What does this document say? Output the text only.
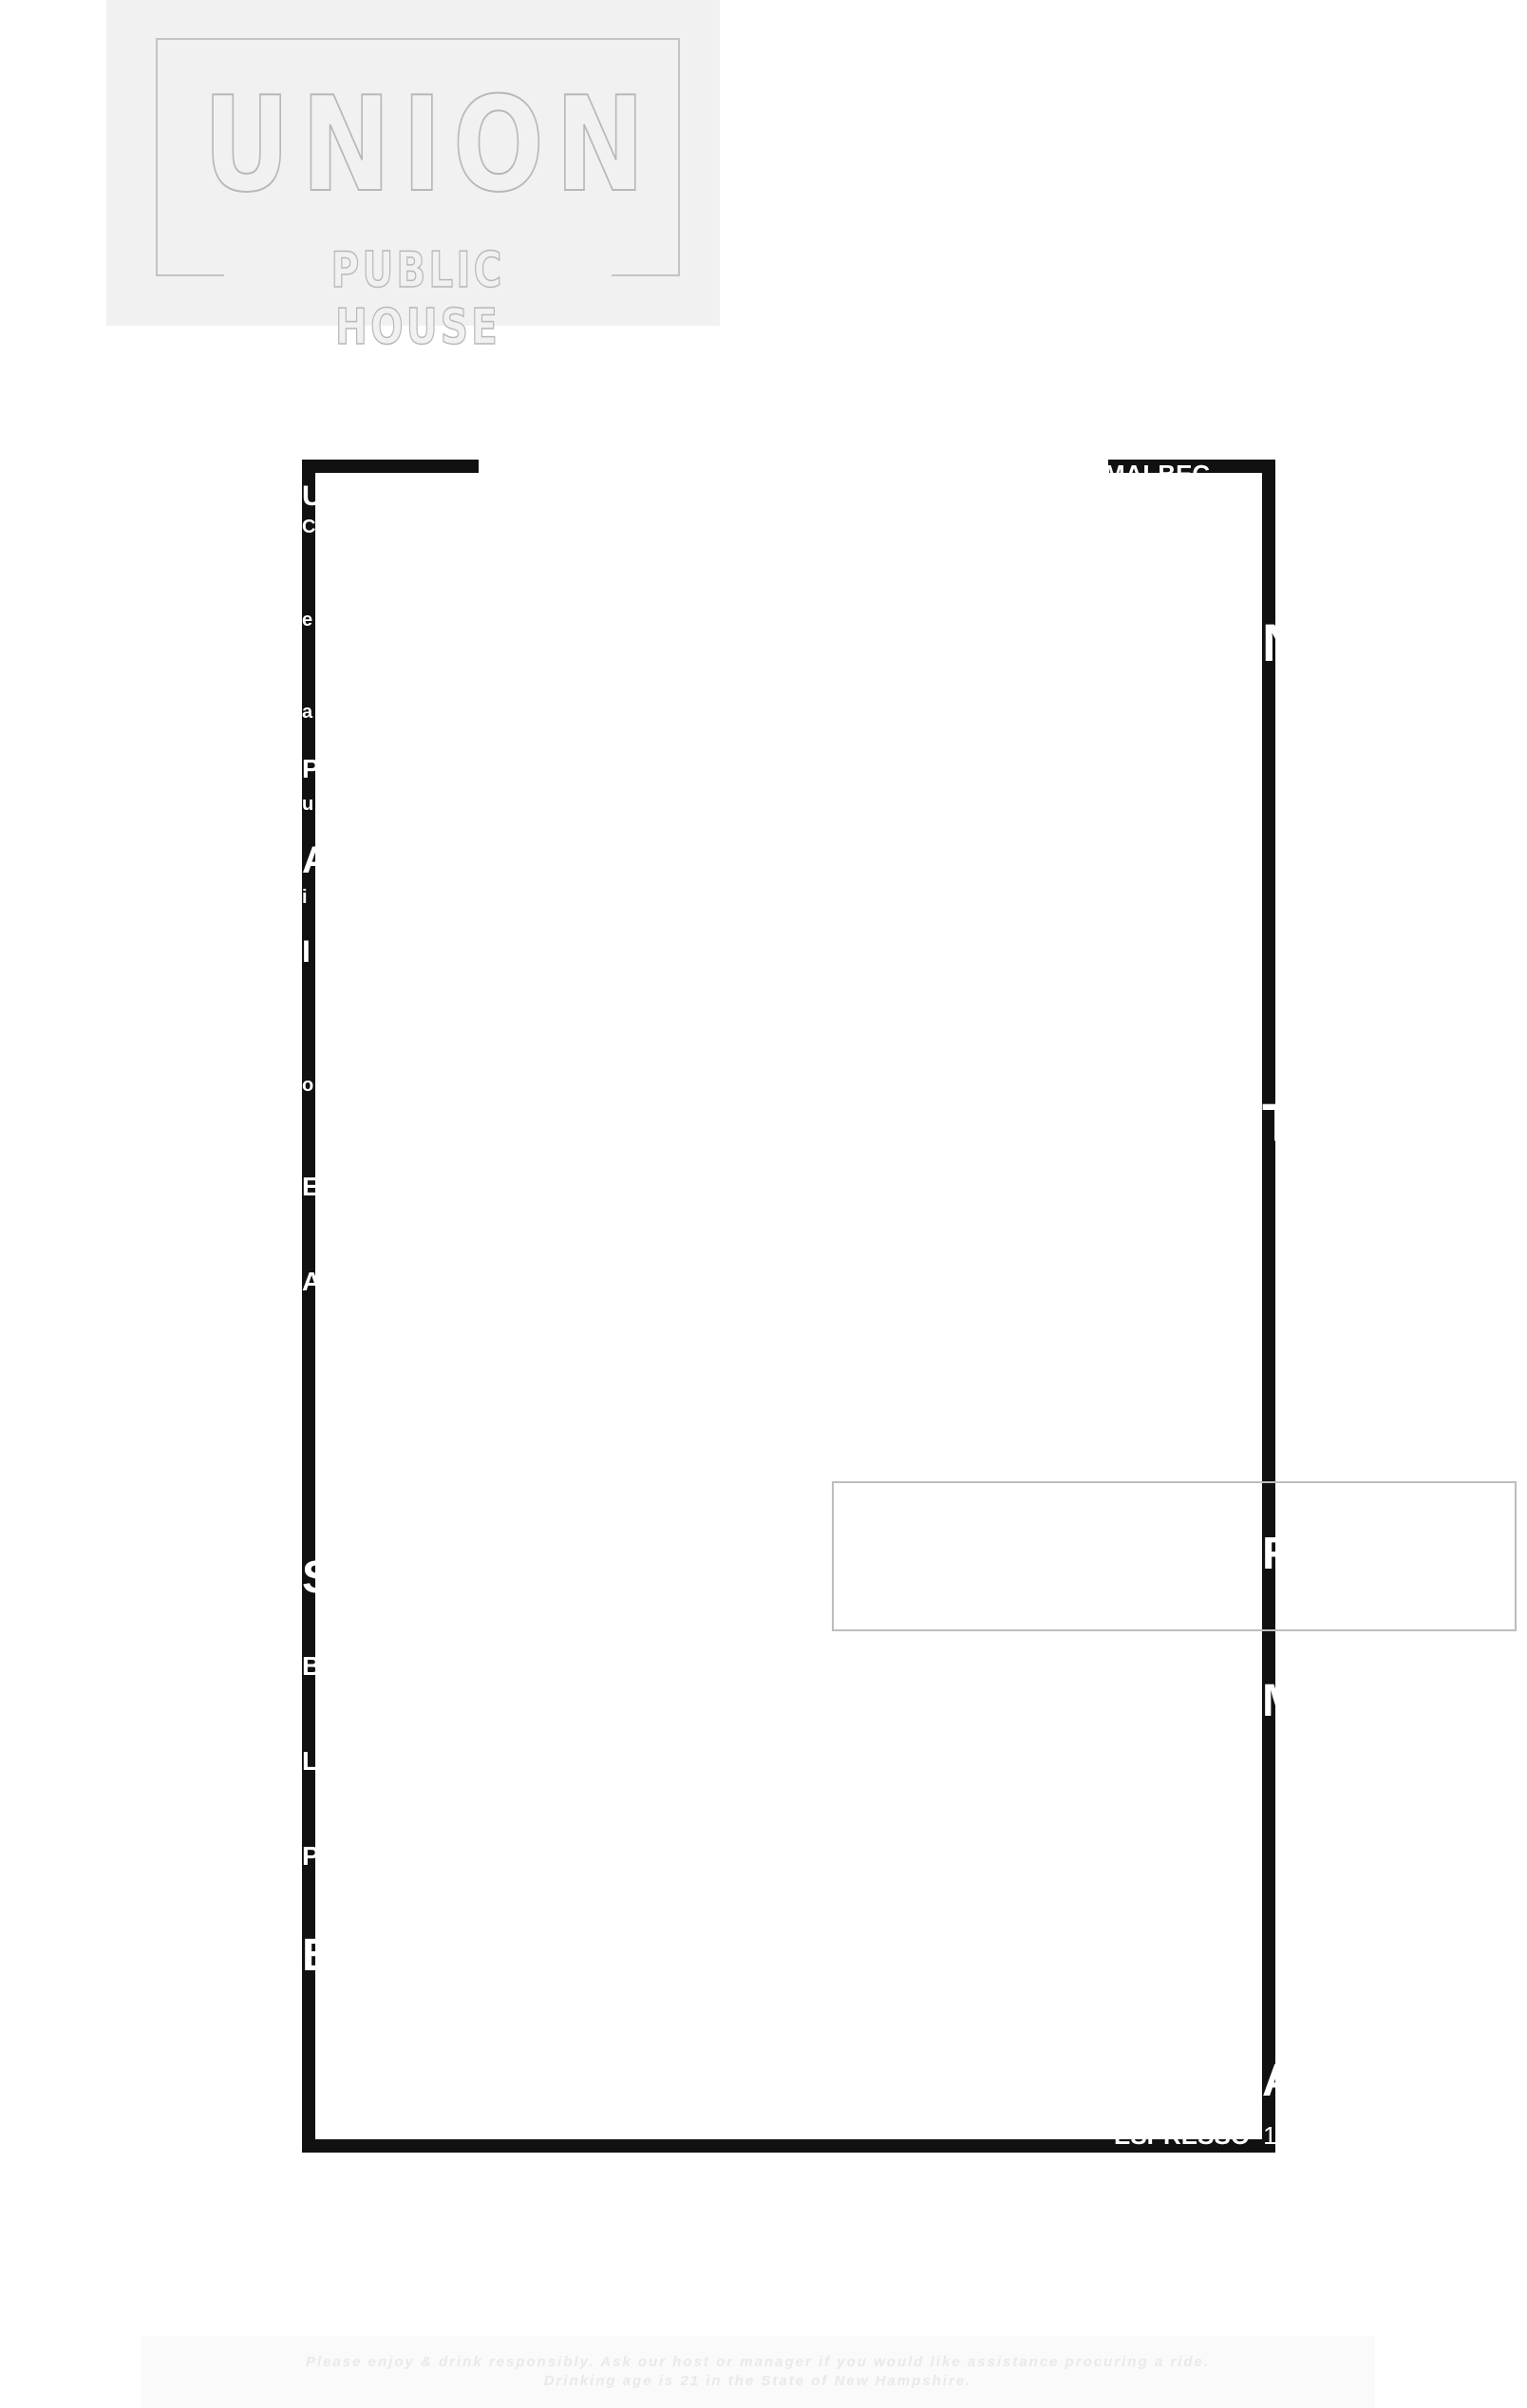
UNION
PUBLIC HOUSE
U
C
e
a
P
u
A
i
I
o
E
A
S
B
L
P
B
N
T
R
M
A
MALBEC
ESPRESSO 10
Please enjoy & drink responsibly. Ask our host or manager if you would like assistance procuring a ride.
Drinking age is 21 in the State of New Hampshire.
